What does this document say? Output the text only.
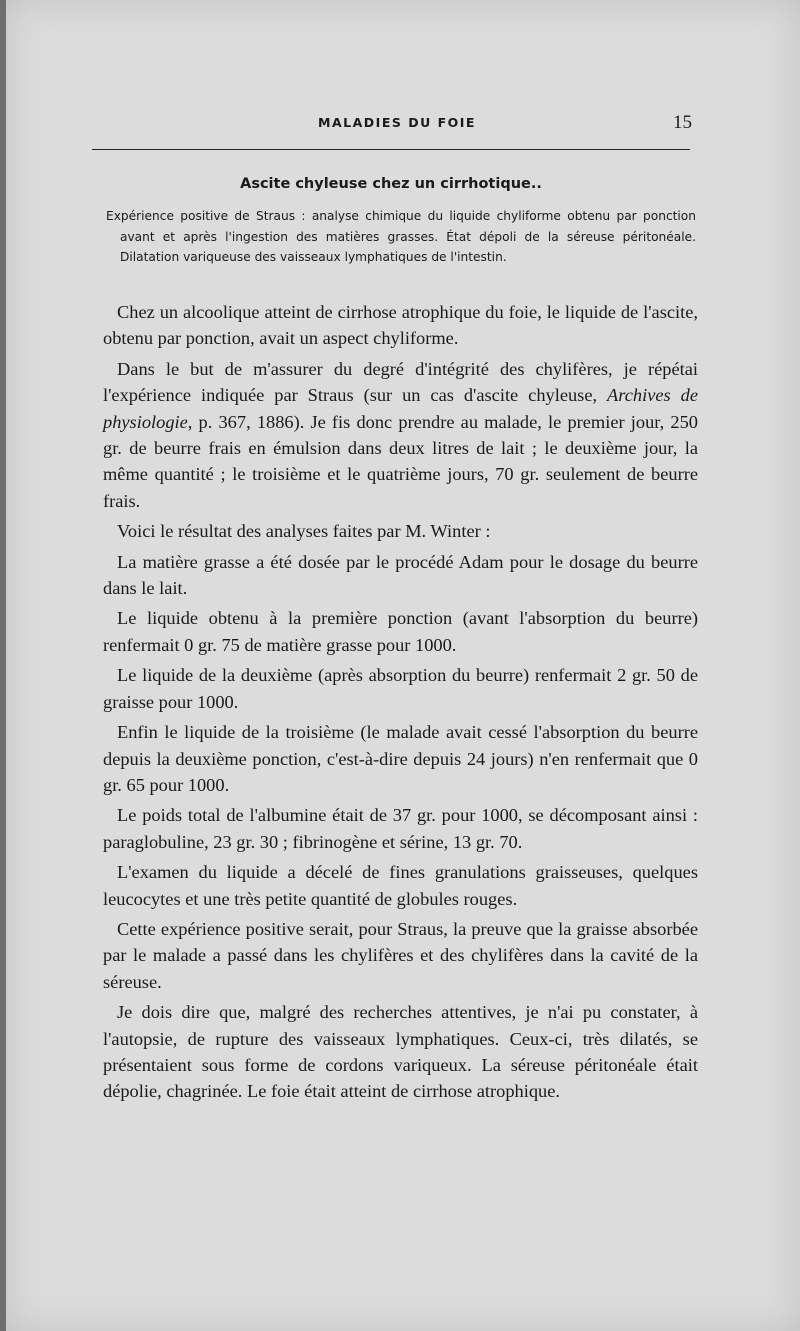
MALADIES DU FOIE	15
Ascite chyleuse chez un cirrhotique..

Expérience positive de Straus : analyse chimique du liquide chyliforme obtenu par ponction avant et après l'ingestion des matières grasses. État dépoli de la séreuse péritonéale. Dilatation variqueuse des vaisseaux lymphatiques de l'intestin.

Chez un alcoolique atteint de cirrhose atrophique du foie, le liquide de l'ascite, obtenu par ponction, avait un aspect chyliforme.

Dans le but de m'assurer du degré d'intégrité des chylifères, je répétai l'expérience indiquée par Straus (sur un cas d'ascite chyleuse, Archives de physiologie, p. 367, 1886). Je fis donc prendre au malade, le premier jour, 250 gr. de beurre frais en émulsion dans deux litres de lait ; le deuxième jour, la même quantité ; le troisième et le quatrième jours, 70 gr. seulement de beurre frais.

Voici le résultat des analyses faites par M. Winter :

La matière grasse a été dosée par le procédé Adam pour le dosage du beurre dans le lait.

Le liquide obtenu à la première ponction (avant l'absorption du beurre) renfermait 0 gr. 75 de matière grasse pour 1000.

Le liquide de la deuxième (après absorption du beurre) renfermait 2 gr. 50 de graisse pour 1000.

Enfin le liquide de la troisième (le malade avait cessé l'absorption du beurre depuis la deuxième ponction, c'est-à-dire depuis 24 jours) n'en renfermait que 0 gr. 65 pour 1000.

Le poids total de l'albumine était de 37 gr. pour 1000, se décomposant ainsi : paraglobuline, 23 gr. 30 ; fibrinogène et sérine, 13 gr. 70.

L'examen du liquide a décelé de fines granulations graisseuses, quelques leucocytes et une très petite quantité de globules rouges.

Cette expérience positive serait, pour Straus, la preuve que la graisse absorbée par le malade a passé dans les chylifères et des chylifères dans la cavité de la séreuse.

Je dois dire que, malgré des recherches attentives, je n'ai pu constater, à l'autopsie, de rupture des vaisseaux lymphatiques. Ceux-ci, très dilatés, se présentaient sous forme de cordons variqueux. La séreuse péritonéale était dépolie, chagrinée. Le foie était atteint de cirrhose atrophique.
